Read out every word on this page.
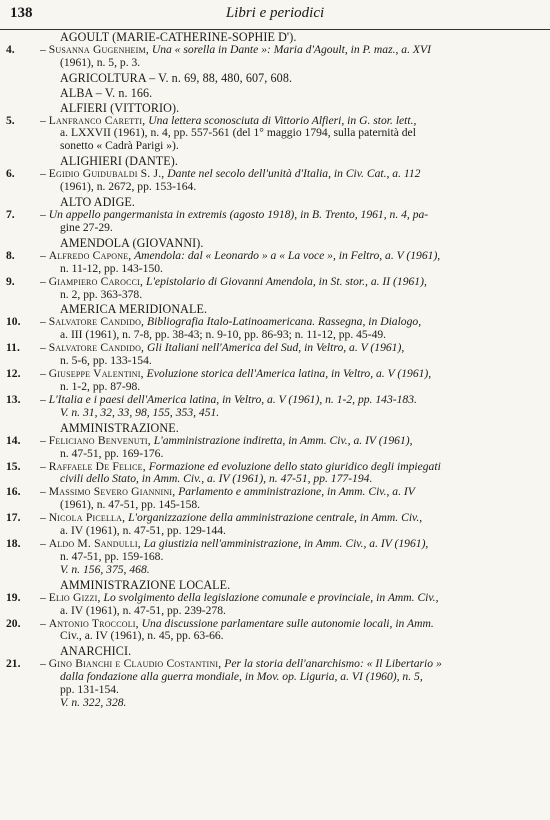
138	Libri e periodici
AGOULT (MARIE-CATHERINE-SOPHIE D').
4.	– Susanna Gugenheim, Una « sorella in Dante »: Maria d'Agoult, in P. maz., a. XVI
(1961), n. 5, p. 3.
AGRICOLTURA – V. n. 69, 88, 480, 607, 608.
ALBA – V. n. 166.
ALFIERI (VITTORIO).
5.	– Lanfranco Caretti, Una lettera sconosciuta di Vittorio Alfieri, in G. stor. lett.,
a. LXXVII (1961), n. 4, pp. 557-561 (del 1° maggio 1794, sulla paternità del
sonetto « Cadrà Parigi »).
ALIGHIERI (DANTE).
6.	– Egidio Guidubaldi S. J., Dante nel secolo dell'unità d'Italia, in Civ. Cat., a. 112
(1961), n. 2672, pp. 153-164.
ALTO ADIGE.
7.	– Un appello pangermanista in extremis (agosto 1918), in B. Trento, 1961, n. 4, pa-
gine 27-29.
AMENDOLA (GIOVANNI).
8.	– Alfredo Capone, Amendola: dal « Leonardo » a « La voce », in Feltro, a. V (1961),
n. 11-12, pp. 143-150.
9.	– Giampiero Carocci, L'epistolario di Giovanni Amendola, in St. stor., a. II (1961),
n. 2, pp. 363-378.
AMERICA MERIDIONALE.
10.	– Salvatore Candido, Bibliografia Italo-Latinoamericana. Rassegna, in Dialogo,
a. III (1961), n. 7-8, pp. 38-43; n. 9-10, pp. 86-93; n. 11-12, pp. 45-49.
11.	– Salvatore Candido, Gli Italiani nell'America del Sud, in Veltro, a. V (1961),
n. 5-6, pp. 133-154.
12.	– Giuseppe Valentini, Evoluzione storica dell'America latina, in Veltro, a. V (1961),
n. 1-2, pp. 87-98.
13.	– L'Italia e i paesi dell'America latina, in Veltro, a. V (1961), n. 1-2, pp. 143-183.
V. n. 31, 32, 33, 98, 155, 353, 451.
AMMINISTRAZIONE.
14.	– Feliciano Benvenuti, L'amministrazione indiretta, in Amm. Civ., a. IV (1961),
n. 47-51, pp. 169-176.
15.	– Raffaele De Felice, Formazione ed evoluzione dello stato giuridico degli impiegati
civili dello Stato, in Amm. Civ., a. IV (1961), n. 47-51, pp. 177-194.
16.	– Massimo Severo Giannini, Parlamento e amministrazione, in Amm. Civ., a. IV
(1961), n. 47-51, pp. 145-158.
17.	– Nicola Picella, L'organizzazione della amministrazione centrale, in Amm. Civ.,
a. IV (1961), n. 47-51, pp. 129-144.
18.	– Aldo M. Sandulli, La giustizia nell'amministrazione, in Amm. Civ., a. IV (1961),
n. 47-51, pp. 159-168.
V. n. 156, 375, 468.
AMMINISTRAZIONE LOCALE.
19.	– Elio Gizzi, Lo svolgimento della legislazione comunale e provinciale, in Amm. Civ.,
a. IV (1961), n. 47-51, pp. 239-278.
20.	– Antonio Troccoli, Una discussione parlamentare sulle autonomie locali, in Amm.
Civ., a. IV (1961), n. 45, pp. 63-66.
ANARCHICI.
21.	– Gino Bianchi e Claudio Costantini, Per la storia dell'anarchismo: « Il Libertario »
dalla fondazione alla guerra mondiale, in Mov. op. Liguria, a. VI (1960), n. 5,
pp. 131-154.
V. n. 322, 328.
